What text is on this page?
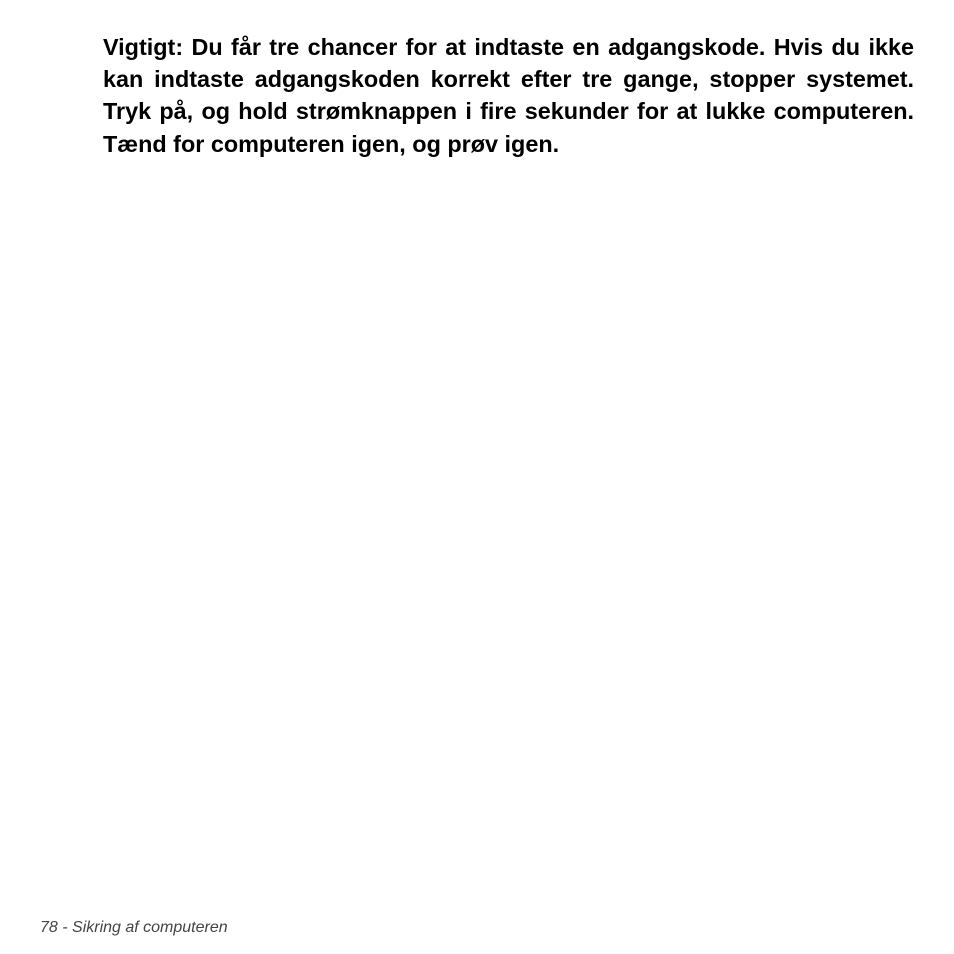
Vigtigt: Du får tre chancer for at indtaste en adgangskode. Hvis du ikke kan indtaste adgangskoden korrekt efter tre gange, stopper systemet. Tryk på, og hold strømknappen i fire sekunder for at lukke computeren. Tænd for computeren igen, og prøv igen.

78 - Sikring af computeren
